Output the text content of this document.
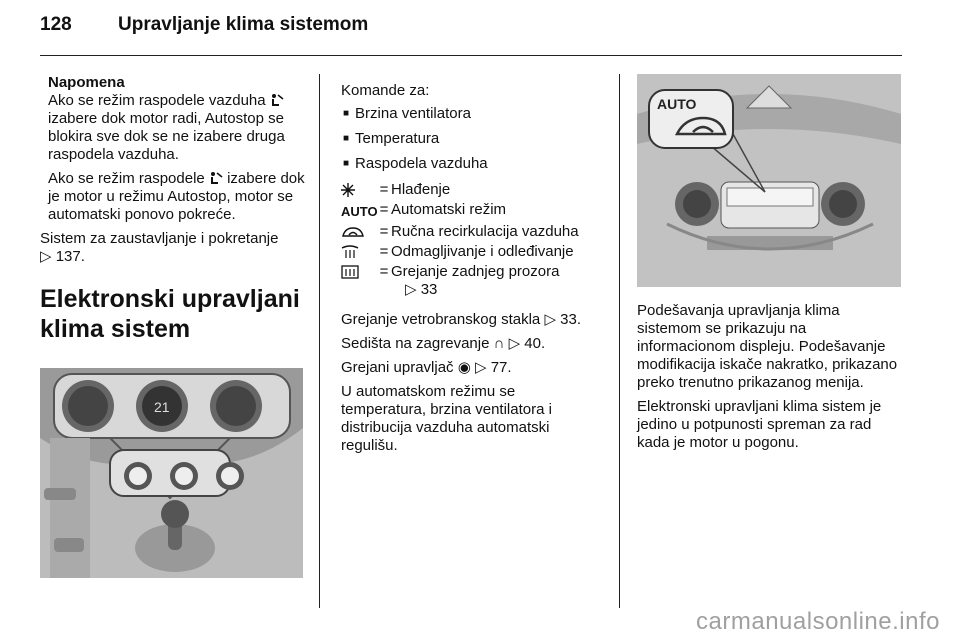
128 Upravljanje klima sistemom

Napomena

Ako se režim raspodele vazduha  izabere dok motor radi, Autostop se blokira sve dok se ne izabere druga raspodela vazduha.

Ako se režim raspodele izabere dok je motor u režimu Autostop, motor se automatski ponovo pokreće.

Sistem za zaustavljanje i pokretanje
▷ 137.

Elektronski upravljani
klima sistem
21

Komande za:

■ Brzina ventilatora
■ Temperatura
■ Raspodela vazduha
= Hlađenje
AUTO = Automatski režim
= Ručna recirkulacija vazduha
= Odmagljivanje i odleđivanje
= Grejanje zadnjeg prozora
▷ 33

Grejanje vetrobranskog stakla ▷ 33.

Sedišta na zagrevanje ∩ ▷ 40.

Grejani upravljač ◉ ▷ 77.

U automatskom režimu se temperatura, brzina ventilatora i distribucija vazduha automatski regulišu.

AUTO

Podešavanja upravljanja klima sistemom se prikazuju na informacionom displeju. Podešavanje modifikacija iskače nakratko, prikazano preko trenutno prikazanog menija.

Elektronski upravljani klima sistem je jedino u potpunosti spreman za rad kada je motor u pogonu.

carmanualsonline.info
